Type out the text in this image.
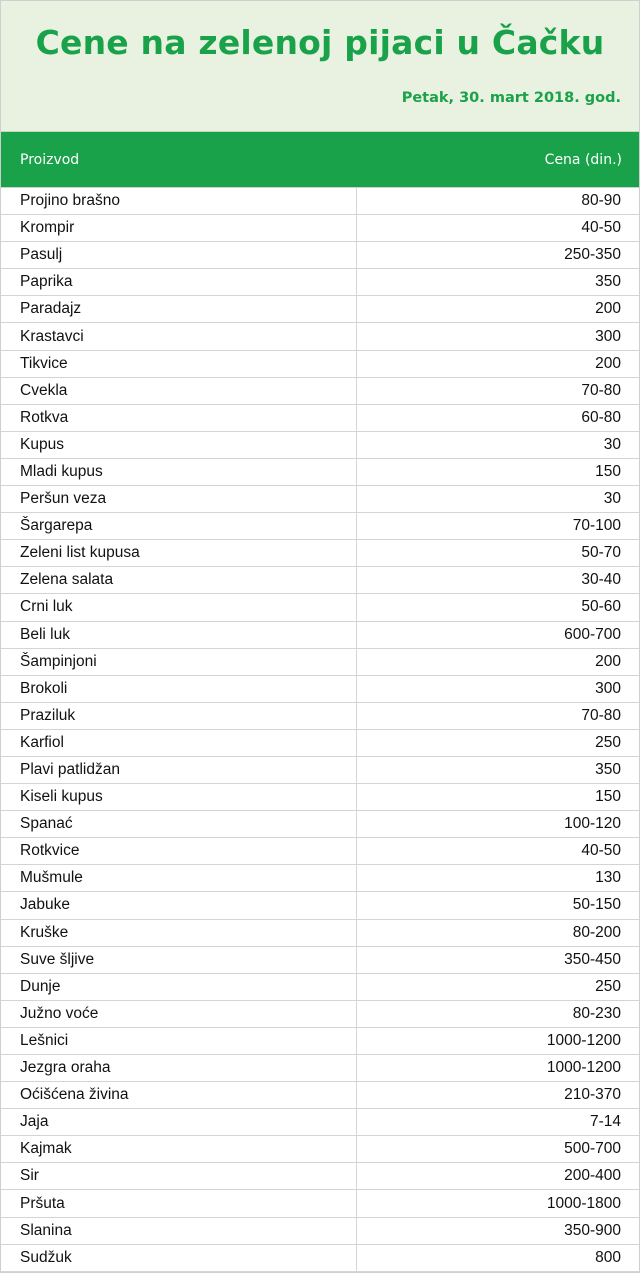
Cene na zelenoj pijaci u Čačku
Petak, 30. mart 2018. god.
Proizvod	Cena (din.)
Projino brašno	80-90
Krompir	40-50
Pasulj	250-350
Paprika	350
Paradajz	200
Krastavci	300
Tikvice	200
Cvekla	70-80
Rotkva	60-80
Kupus	30
Mladi kupus	150
Peršun veza	30
Šargarepa	70-100
Zeleni list kupusa	50-70
Zelena salata	30-40
Crni luk	50-60
Beli luk	600-700
Šampinjoni	200
Brokoli	300
Praziluk	70-80
Karfiol	250
Plavi patlidžan	350
Kiseli kupus	150
Spanać	100-120
Rotkvice	40-50
Mušmule	130
Jabuke	50-150
Kruške	80-200
Suve šljive	350-450
Dunje	250
Južno voće	80-230
Lešnici	1000-1200
Jezgra oraha	1000-1200
Oćišćena živina	210-370
Jaja	7-14
Kajmak	500-700
Sir	200-400
Pršuta	1000-1800
Slanina	350-900
Sudžuk	800
